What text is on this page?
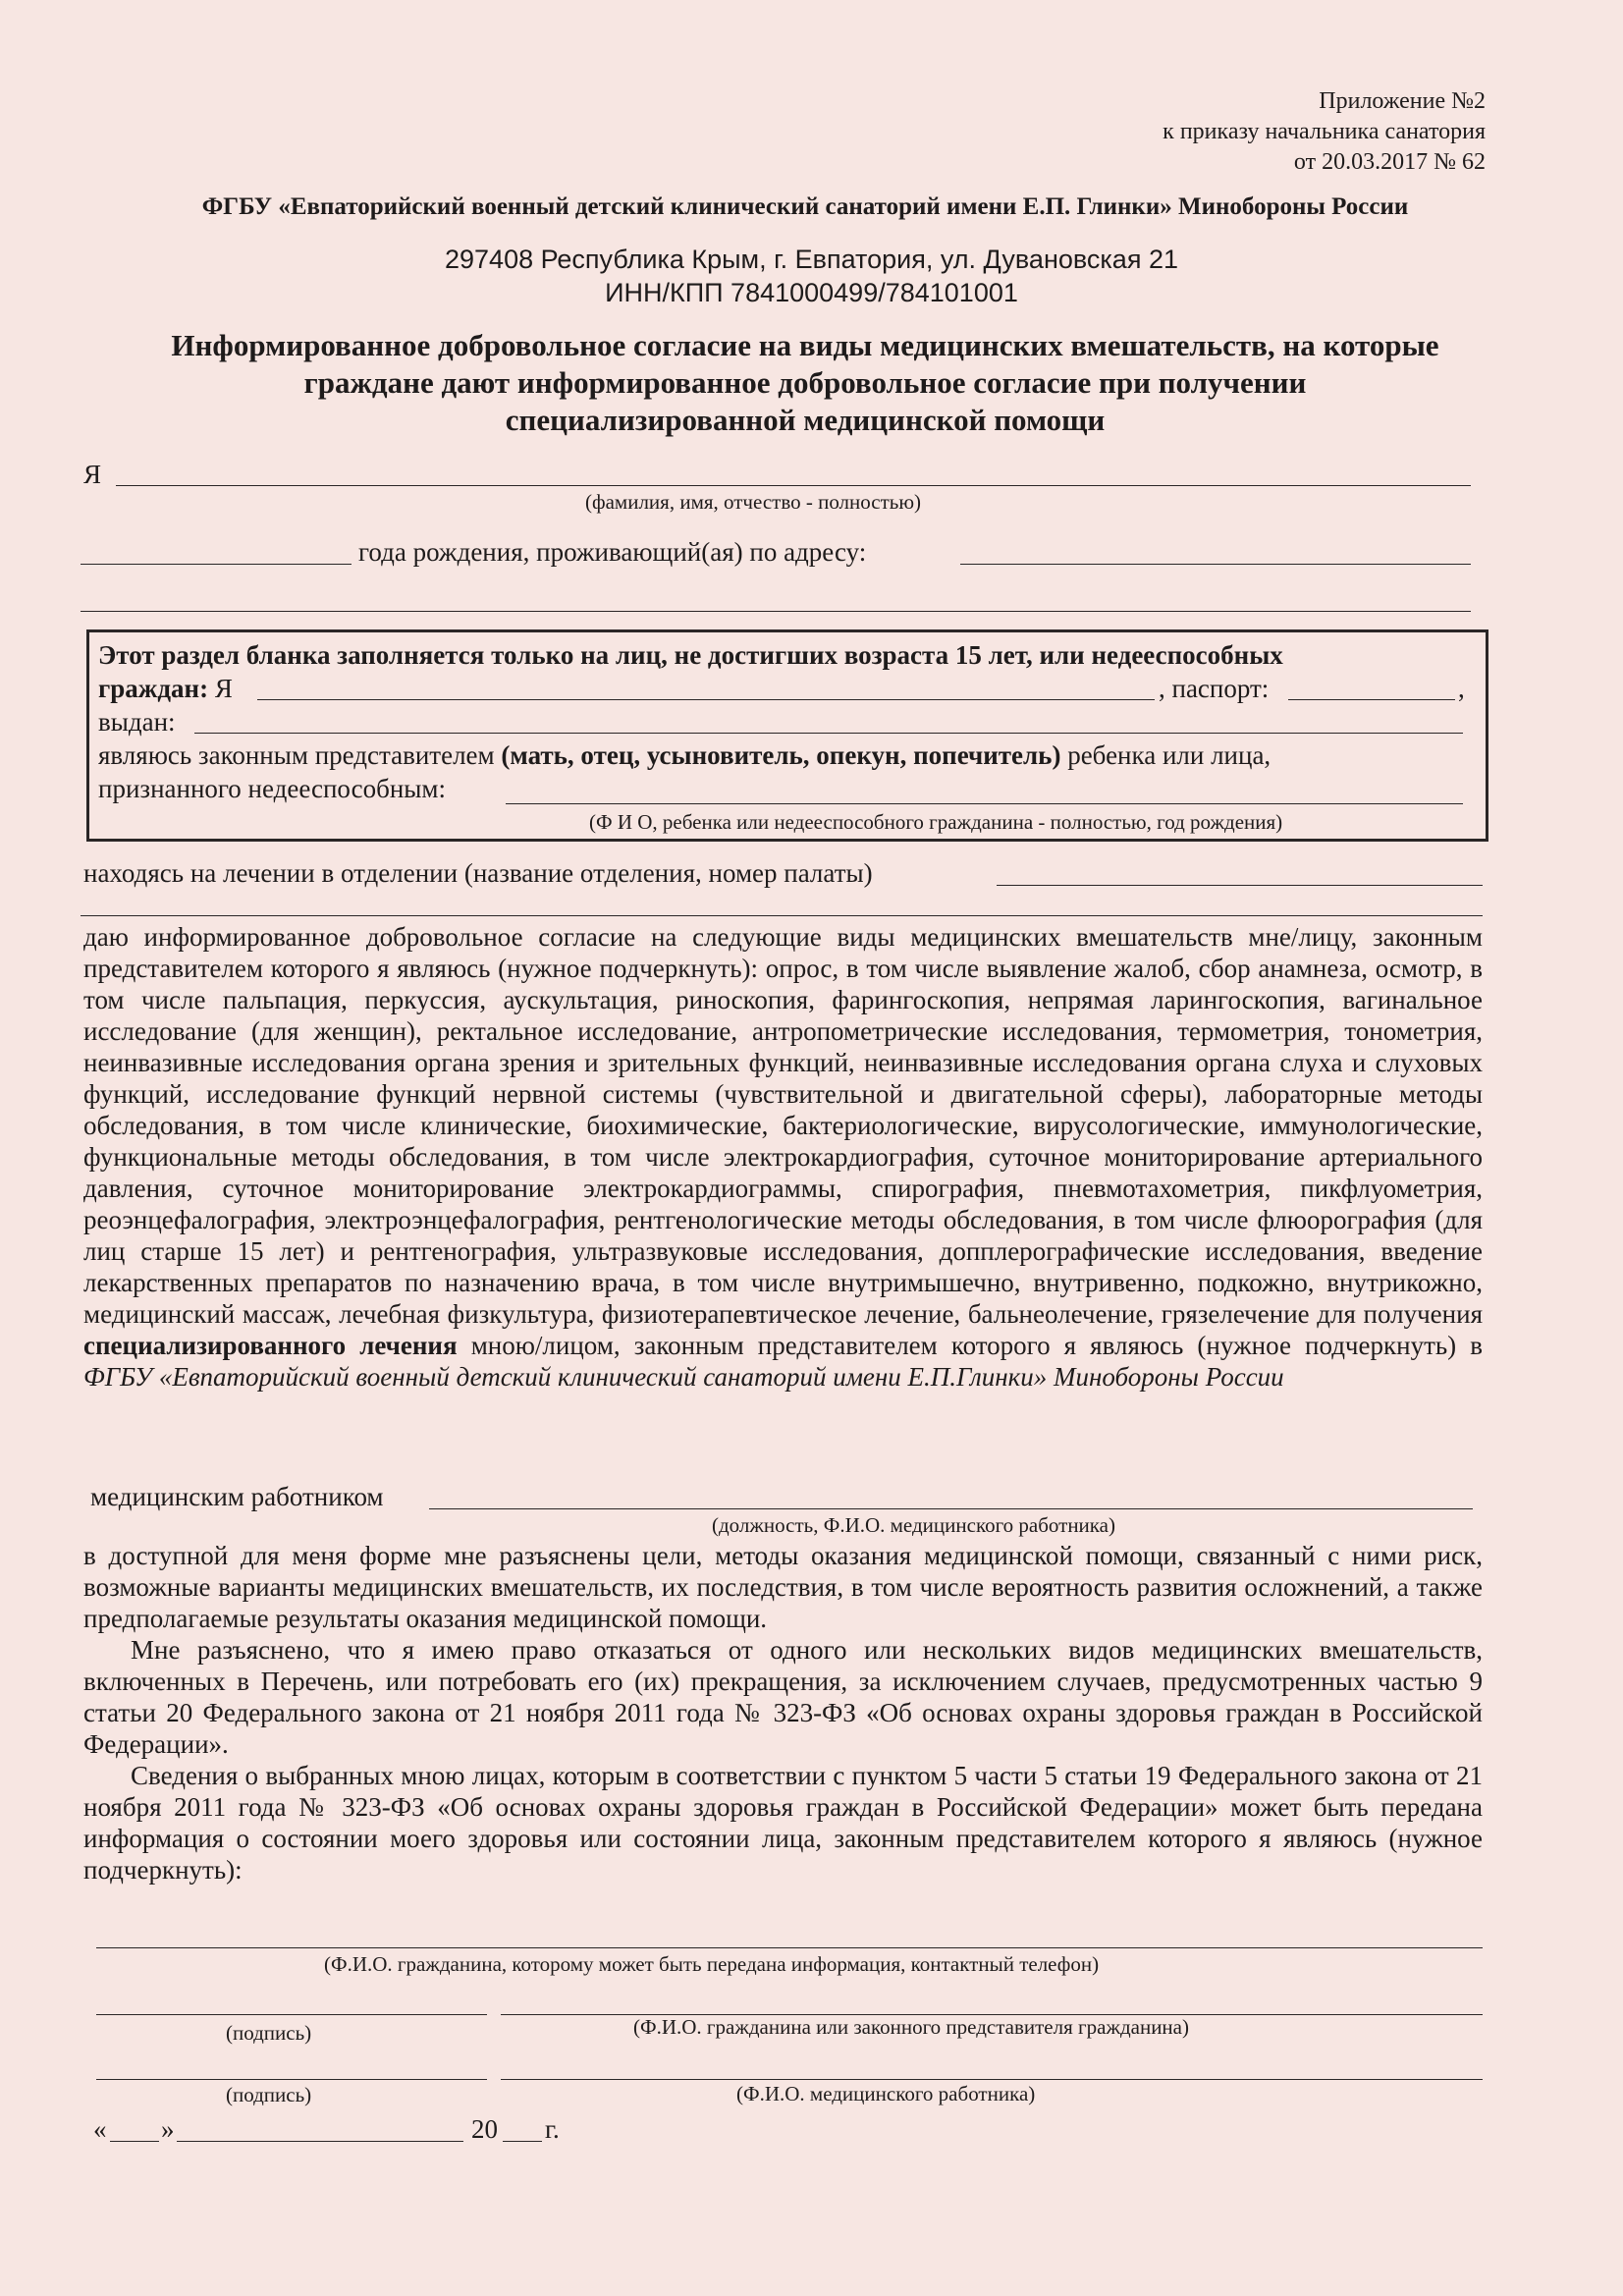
Приложение №2
к приказу начальника санатория
от 20.03.2017 № 62
ФГБУ «Евпаторийский военный детский клинический санаторий имени Е.П. Глинки» Минобороны России
297408 Республика Крым, г. Евпатория, ул. Дувановская 21
ИНН/КПП 7841000499/784101001
Информированное добровольное согласие на виды медицинских вмешательств, на которые
граждане дают информированное добровольное согласие при получении
специализированной медицинской помощи
Я
(фамилия, имя, отчество - полностью)
года рождения, проживающий(ая) по адресу:
Этот раздел бланка заполняется только на лиц, не достигших возраста 15 лет, или недееспособных
граждан: Я	, паспорт:	,
выдан:
являюсь законным представителем (мать, отец, усыновитель, опекун, попечитель) ребенка или лица,
признанного недееспособным:
(Ф И О, ребенка или недееспособного гражданина - полностью, год рождения)
находясь на лечении в отделении (название отделения, номер палаты)
даю информированное добровольное согласие на следующие виды медицинских вмешательств мне/лицу, законным представителем которого я являюсь (нужное подчеркнуть): опрос, в том числе выявление жалоб, сбор анамнеза, осмотр, в том числе пальпация, перкуссия, аускультация, риноскопия, фарингоскопия, непрямая ларингоскопия, вагинальное исследование (для женщин), ректальное исследование, антропометрические исследования, термометрия, тонометрия, неинвазивные исследования органа зрения и зрительных функций, неинвазивные исследования органа слуха и слуховых функций, исследование функций нервной системы (чувствительной и двигательной сферы), лабораторные методы обследования, в том числе клинические, биохимические, бактериологические, вирусологические, иммунологические, функциональные методы обследования, в том числе электрокардиография, суточное мониторирование артериального давления, суточное мониторирование электрокардиограммы, спирография, пневмотахометрия, пикфлуометрия, реоэнцефалография, электроэнцефалография, рентгенологические методы обследования, в том числе флюорография (для лиц старше 15 лет) и рентгенография, ультразвуковые исследования, допплерографические исследования, введение лекарственных препаратов по назначению врача, в том числе внутримышечно, внутривенно, подкожно, внутрикожно, медицинский массаж, лечебная физкультура, физиотерапевтическое лечение, бальнеолечение, грязелечение для получения специализированного лечения мною/лицом, законным представителем которого я являюсь (нужное подчеркнуть) в ФГБУ «Евпаторийский военный детский клинический санаторий имени Е.П.Глинки» Минобороны России
медицинским работником
(должность, Ф.И.О. медицинского работника)
в доступной для меня форме мне разъяснены цели, методы оказания медицинской помощи, связанный с ними риск, возможные варианты медицинских вмешательств, их последствия, в том числе вероятность развития осложнений, а также предполагаемые результаты оказания медицинской помощи.
Мне разъяснено, что я имею право отказаться от одного или нескольких видов медицинских вмешательств, включенных в Перечень, или потребовать его (их) прекращения, за исключением случаев, предусмотренных частью 9 статьи 20 Федерального закона от 21 ноября 2011 года № 323-ФЗ «Об основах охраны здоровья граждан в Российской Федерации».
Сведения о выбранных мною лицах, которым в соответствии с пунктом 5 части 5 статьи 19 Федерального закона от 21 ноября 2011 года № 323-ФЗ «Об основах охраны здоровья граждан в Российской Федерации» может быть передана информация о состоянии моего здоровья или состоянии лица, законным представителем которого я являюсь (нужное подчеркнуть):
(Ф.И.О. гражданина, которому может быть передана информация, контактный телефон)
(подпись)	(Ф.И.О. гражданина или законного представителя гражданина)
(подпись)	(Ф.И.О. медицинского работника)
« »	20 г.
